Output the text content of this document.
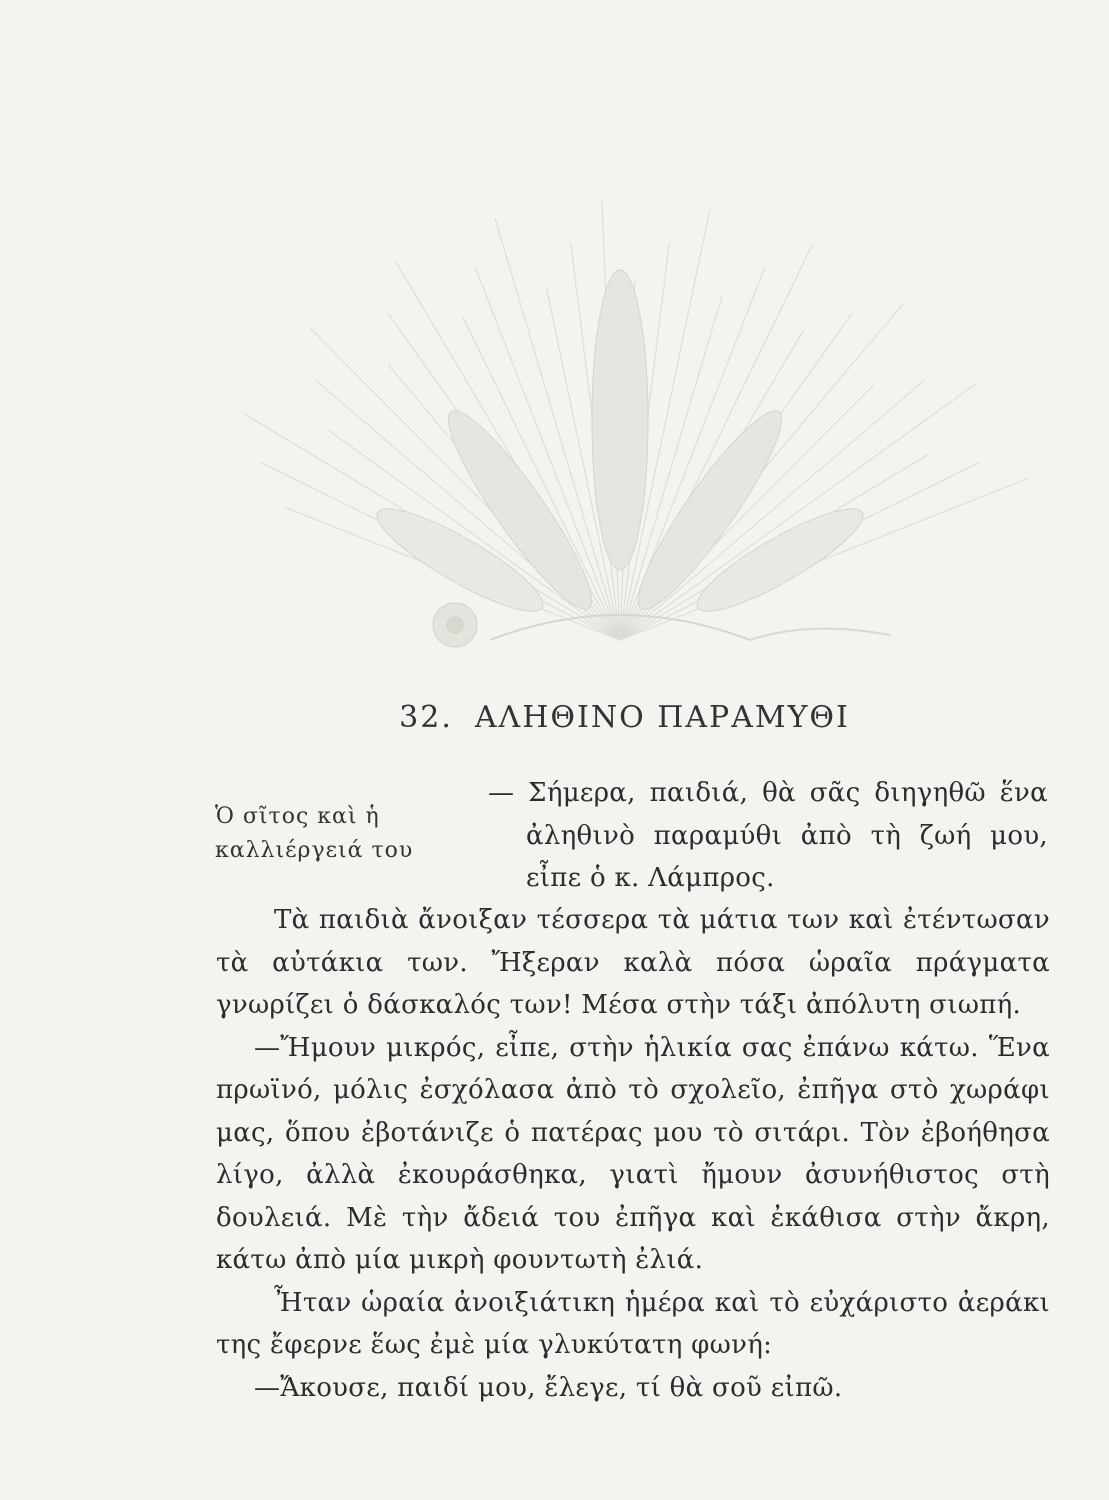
32. ΑΛΗΘΙΝΟ ΠΑΡΑΜΥΘΙ
Ὁ σῖτος καὶ ἡ
καλλιέργειά του
— Σήμερα, παιδιά, θὰ σᾶς διηγηθῶ ἕνα
ἀληθινὸ παραμύθι ἀπὸ τὴ ζωή μου,
εἶπε ὁ κ. Λάμπρος.

Τὰ παιδιὰ ἄνοιξαν τέσσερα τὰ μάτια των καὶ ἐτέντωσαν τὰ αὐτάκια των. Ἤξεραν καλὰ πόσα ὡραῖα πράγματα γνωρίζει ὁ δάσκαλός των! Μέσα στὴν τάξι ἀπόλυτη σιωπή.

—Ἤμουν μικρός, εἶπε, στὴν ἡλικία σας ἐπάνω κάτω. Ἕνα πρωϊνό, μόλις ἐσχόλασα ἀπὸ τὸ σχολεῖο, ἐπῆγα στὸ χωράφι μας, ὅπου ἐβοτάνιζε ὁ πατέρας μου τὸ σιτάρι. Τὸν ἐβοήθησα λίγο, ἀλλὰ ἐκουράσθηκα, γιατὶ ἤμουν ἀσυνήθιστος στὴ δουλειά. Μὲ τὴν ἄδειά του ἐπῆγα καὶ ἐκάθισα στὴν ἄκρη, κάτω ἀπὸ μία μικρὴ φουντωτὴ ἐλιά.

Ἦταν ὡραία ἀνοιξιάτικη ἡμέρα καὶ τὸ εὐχάριστο ἀεράκι της ἔφερνε ἕως ἐμὲ μία γλυκύτατη φωνή:

—Ἄκουσε, παιδί μου, ἔλεγε, τί θὰ σοῦ εἰπῶ.
